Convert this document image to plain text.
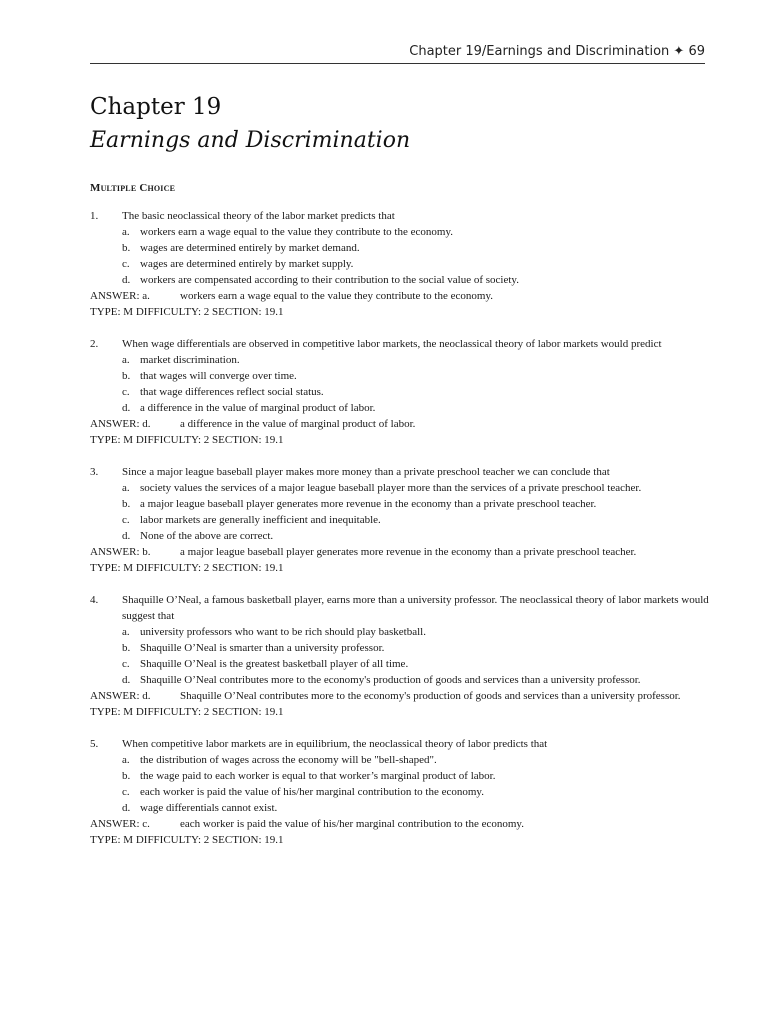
Chapter 19/Earnings and Discrimination ✦ 69
Chapter 19
Earnings and Discrimination
Multiple Choice
1.	The basic neoclassical theory of the labor market predicts that
a. workers earn a wage equal to the value they contribute to the economy.
b. wages are determined entirely by market demand.
c. wages are determined entirely by market supply.
d. workers are compensated according to their contribution to the social value of society.
ANSWER: a.	workers earn a wage equal to the value they contribute to the economy.
TYPE: M DIFFICULTY: 2 SECTION: 19.1
2.	When wage differentials are observed in competitive labor markets, the neoclassical theory of labor markets would predict
a. market discrimination.
b. that wages will converge over time.
c. that wage differences reflect social status.
d. a difference in the value of marginal product of labor.
ANSWER: d.	a difference in the value of marginal product of labor.
TYPE: M DIFFICULTY: 2 SECTION: 19.1
3.	Since a major league baseball player makes more money than a private preschool teacher we can conclude that
a. society values the services of a major league baseball player more than the services of a private preschool teacher.
b. a major league baseball player generates more revenue in the economy than a private preschool teacher.
c. labor markets are generally inefficient and inequitable.
d. None of the above are correct.
ANSWER: b.	a major league baseball player generates more revenue in the economy than a private preschool teacher.
TYPE: M DIFFICULTY: 2 SECTION: 19.1
4.	Shaquille O’Neal, a famous basketball player, earns more than a university professor. The neoclassical theory of labor markets would suggest that
a. university professors who want to be rich should play basketball.
b. Shaquille O’Neal is smarter than a university professor.
c. Shaquille O’Neal is the greatest basketball player of all time.
d. Shaquille O’Neal contributes more to the economy's production of goods and services than a university professor.
ANSWER: d.	Shaquille O’Neal contributes more to the economy's production of goods and services than a university professor.
TYPE: M DIFFICULTY: 2 SECTION: 19.1
5.	When competitive labor markets are in equilibrium, the neoclassical theory of labor predicts that
a. the distribution of wages across the economy will be "bell-shaped".
b. the wage paid to each worker is equal to that worker’s marginal product of labor.
c. each worker is paid the value of his/her marginal contribution to the economy.
d. wage differentials cannot exist.
ANSWER: c.	each worker is paid the value of his/her marginal contribution to the economy.
TYPE: M DIFFICULTY: 2 SECTION: 19.1
